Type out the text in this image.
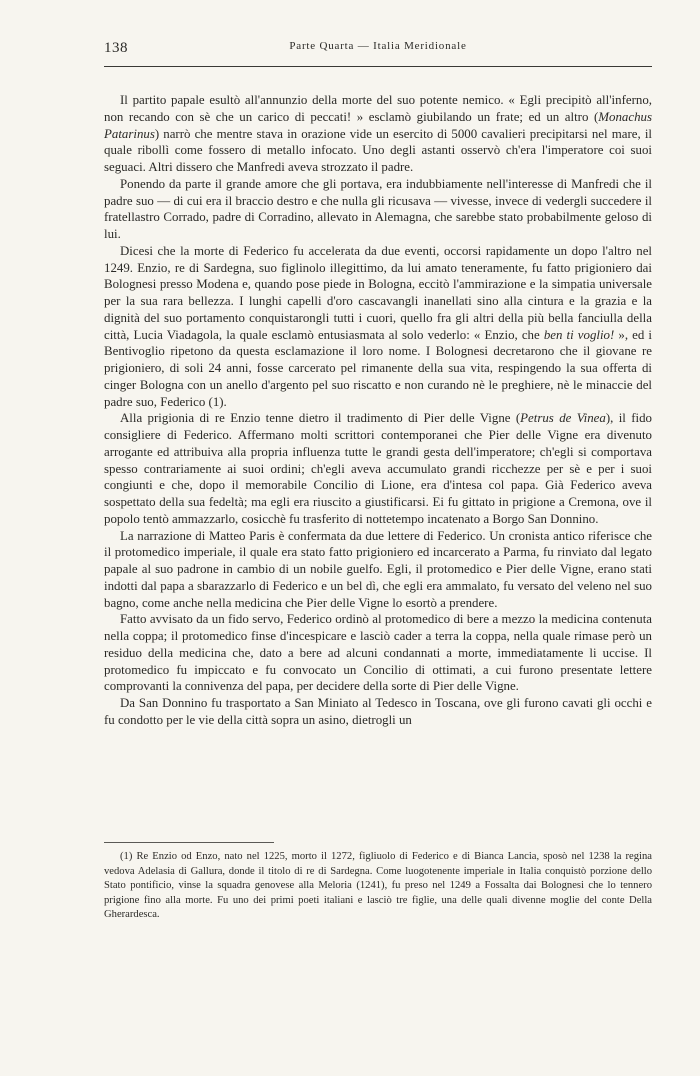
138	Parte Quarta — Italia Meridionale

Il partito papale esultò all'annunzio della morte del suo potente nemico. « Egli precipitò all'inferno, non recando con sè che un carico di peccati! » esclamò giubilando un frate; ed un altro (Monachus Patarinus) narrò che mentre stava in orazione vide un esercito di 5000 cavalieri precipitarsi nel mare, il quale ribollì come fossero di metallo infocato. Uno degli astanti osservò ch'era l'imperatore coi suoi seguaci. Altri dissero che Manfredi aveva strozzato il padre.

Ponendo da parte il grande amore che gli portava, era indubbiamente nell'interesse di Manfredi che il padre suo — di cui era il braccio destro e che nulla gli ricusava — vivesse, invece di vedergli succedere il fratellastro Corrado, padre di Corradino, allevato in Alemagna, che sarebbe stato probabilmente geloso di lui.

Dicesi che la morte di Federico fu accelerata da due eventi, occorsi rapidamente un dopo l'altro nel 1249. Enzio, re di Sardegna, suo figlinolo illegittimo, da lui amato teneramente, fu fatto prigioniero dai Bolognesi presso Modena e, quando pose piede in Bologna, eccitò l'ammirazione e la simpatia universale per la sua rara bellezza. I lunghi capelli d'oro cascavangli inanellati sino alla cintura e la grazia e la dignità del suo portamento conquistarongli tutti i cuori, quello fra gli altri della più bella fanciulla della città, Lucia Viadagola, la quale esclamò entusiasmata al solo vederlo: « Enzio, che ben ti voglio! », ed i Bentivoglio ripetono da questa esclamazione il loro nome. I Bolognesi decretarono che il giovane re prigioniero, di soli 24 anni, fosse carcerato pel rimanente della sua vita, respingendo la sua offerta di cinger Bologna con un anello d'argento pel suo riscatto e non curando nè le preghiere, nè le minaccie del padre suo, Federico (1).

Alla prigionia di re Enzio tenne dietro il tradimento di Pier delle Vigne (Petrus de Vinea), il fido consigliere di Federico. Affermano molti scrittori contemporanei che Pier delle Vigne era divenuto arrogante ed attribuiva alla propria influenza tutte le grandi gesta dell'imperatore; ch'egli si comportava spesso contrariamente ai suoi ordini; ch'egli aveva accumulato grandi ricchezze per sè e per i suoi congiunti e che, dopo il memorabile Concilio di Lione, era d'intesa col papa. Già Federico aveva sospettato della sua fedeltà; ma egli era riuscito a giustificarsi. Ei fu gittato in prigione a Cremona, ove il popolo tentò ammazzarlo, cosicchè fu trasferito di nottetempo incatenato a Borgo San Donnino.

La narrazione di Matteo Paris è confermata da due lettere di Federico. Un cronista antico riferisce che il protomedico imperiale, il quale era stato fatto prigioniero ed incarcerato a Parma, fu rinviato dal legato papale al suo padrone in cambio di un nobile guelfo. Egli, il protomedico e Pier delle Vigne, erano stati indotti dal papa a sbarazzarlo di Federico e un bel dì, che egli era ammalato, fu versato del veleno nel suo bagno, come anche nella medicina che Pier delle Vigne lo esortò a prendere.

Fatto avvisato da un fido servo, Federico ordinò al protomedico di bere a mezzo la medicina contenuta nella coppa; il protomedico finse d'incespicare e lasciò cader a terra la coppa, nella quale rimase però un residuo della medicina che, dato a bere ad alcuni condannati a morte, immediatamente li uccise. Il protomedico fu impiccato e fu convocato un Concilio di ottimati, a cui furono presentate lettere comprovanti la connivenza del papa, per decidere della sorte di Pier delle Vigne.

Da San Donnino fu trasportato a San Miniato al Tedesco in Toscana, ove gli furono cavati gli occhi e fu condotto per le vie della città sopra un asino, dietrogli un

(1) Re Enzio od Enzo, nato nel 1225, morto il 1272, figliuolo di Federico e di Bianca Lancia, sposò nel 1238 la regina vedova Adelasia di Gallura, donde il titolo di re di Sardegna. Come luogotenente imperiale in Italia conquistò porzione dello Stato pontificio, vinse la squadra genovese alla Meloria (1241), fu preso nel 1249 a Fossalta dai Bolognesi che lo tennero prigione fino alla morte. Fu uno dei primi poeti italiani e lasciò tre figlie, una delle quali divenne moglie del conte Della Gherardesca.
